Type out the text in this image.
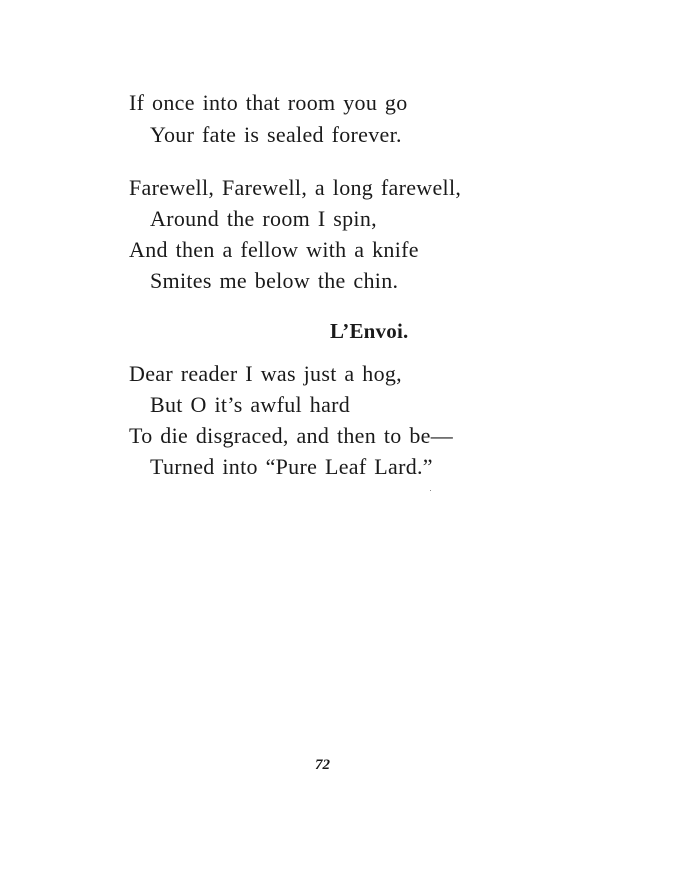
If once into that room you go
Your fate is sealed forever.
Farewell, Farewell, a long farewell,
Around the room I spin,
And then a fellow with a knife
Smites me below the chin.
L’Envoi.
Dear reader I was just a hog,
But O it’s awful hard
To die disgraced, and then to be—
Turned into “Pure Leaf Lard.”
72
